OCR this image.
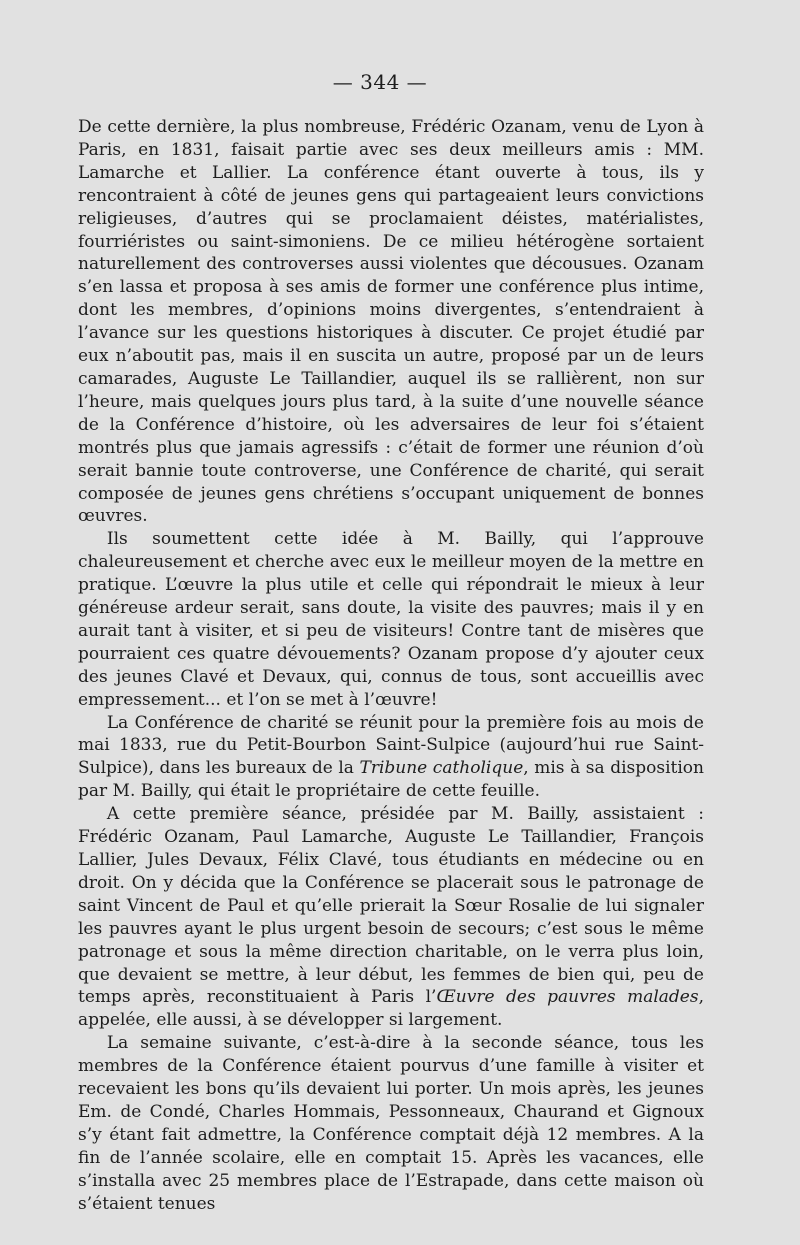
— 344 —

De cette dernière, la plus nombreuse, Frédéric Ozanam, venu de Lyon à Paris, en 1831, faisait partie avec ses deux meilleurs amis : MM. Lamarche et Lallier. La conférence étant ouverte à tous, ils y rencontraient à côté de jeunes gens qui partageaient leurs convictions religieuses, d’autres qui se proclamaient déistes, matérialistes, fourriéristes ou saint-simoniens. De ce milieu hétérogène sortaient naturellement des controverses aussi violentes que décousues. Ozanam s’en lassa et proposa à ses amis de former une conférence plus intime, dont les membres, d’opinions moins divergentes, s’entendraient à l’avance sur les questions historiques à discuter. Ce projet étudié par eux n’aboutit pas, mais il en suscita un autre, proposé par un de leurs camarades, Auguste Le Taillandier, auquel ils se rallièrent, non sur l’heure, mais quelques jours plus tard, à la suite d’une nouvelle séance de la Conférence d’histoire, où les adversaires de leur foi s’étaient montrés plus que jamais agressifs : c’était de former une réunion d’où serait bannie toute controverse, une Conférence de charité, qui serait composée de jeunes gens chrétiens s’occupant uniquement de bonnes œuvres.

Ils soumettent cette idée à M. Bailly, qui l’approuve chaleureusement et cherche avec eux le meilleur moyen de la mettre en pratique. L’œuvre la plus utile et celle qui répondrait le mieux à leur généreuse ardeur serait, sans doute, la visite des pauvres; mais il y en aurait tant à visiter, et si peu de visiteurs! Contre tant de misères que pourraient ces quatre dévouements? Ozanam propose d’y ajouter ceux des jeunes Clavé et Devaux, qui, connus de tous, sont accueillis avec empressement... et l’on se met à l’œuvre!

La Conférence de charité se réunit pour la première fois au mois de mai 1833, rue du Petit-Bourbon Saint-Sulpice (aujourd’hui rue Saint-Sulpice), dans les bureaux de la Tribune catholique, mis à sa disposition par M. Bailly, qui était le propriétaire de cette feuille.

A cette première séance, présidée par M. Bailly, assistaient : Frédéric Ozanam, Paul Lamarche, Auguste Le Taillandier, François Lallier, Jules Devaux, Félix Clavé, tous étudiants en médecine ou en droit. On y décida que la Conférence se placerait sous le patronage de saint Vincent de Paul et qu’elle prierait la Sœur Rosalie de lui signaler les pauvres ayant le plus urgent besoin de secours; c’est sous le même patronage et sous la même direction charitable, on le verra plus loin, que devaient se mettre, à leur début, les femmes de bien qui, peu de temps après, reconstituaient à Paris l’Œuvre des pauvres malades, appelée, elle aussi, à se développer si largement.

La semaine suivante, c’est-à-dire à la seconde séance, tous les membres de la Conférence étaient pourvus d’une famille à visiter et recevaient les bons qu’ils devaient lui porter. Un mois après, les jeunes Em. de Condé, Charles Hommais, Pessonneaux, Chaurand et Gignoux s’y étant fait admettre, la Conférence comptait déjà 12 membres. A la fin de l’année scolaire, elle en comptait 15. Après les vacances, elle s’installa avec 25 membres place de l’Estrapade, dans cette maison où s’étaient tenues
